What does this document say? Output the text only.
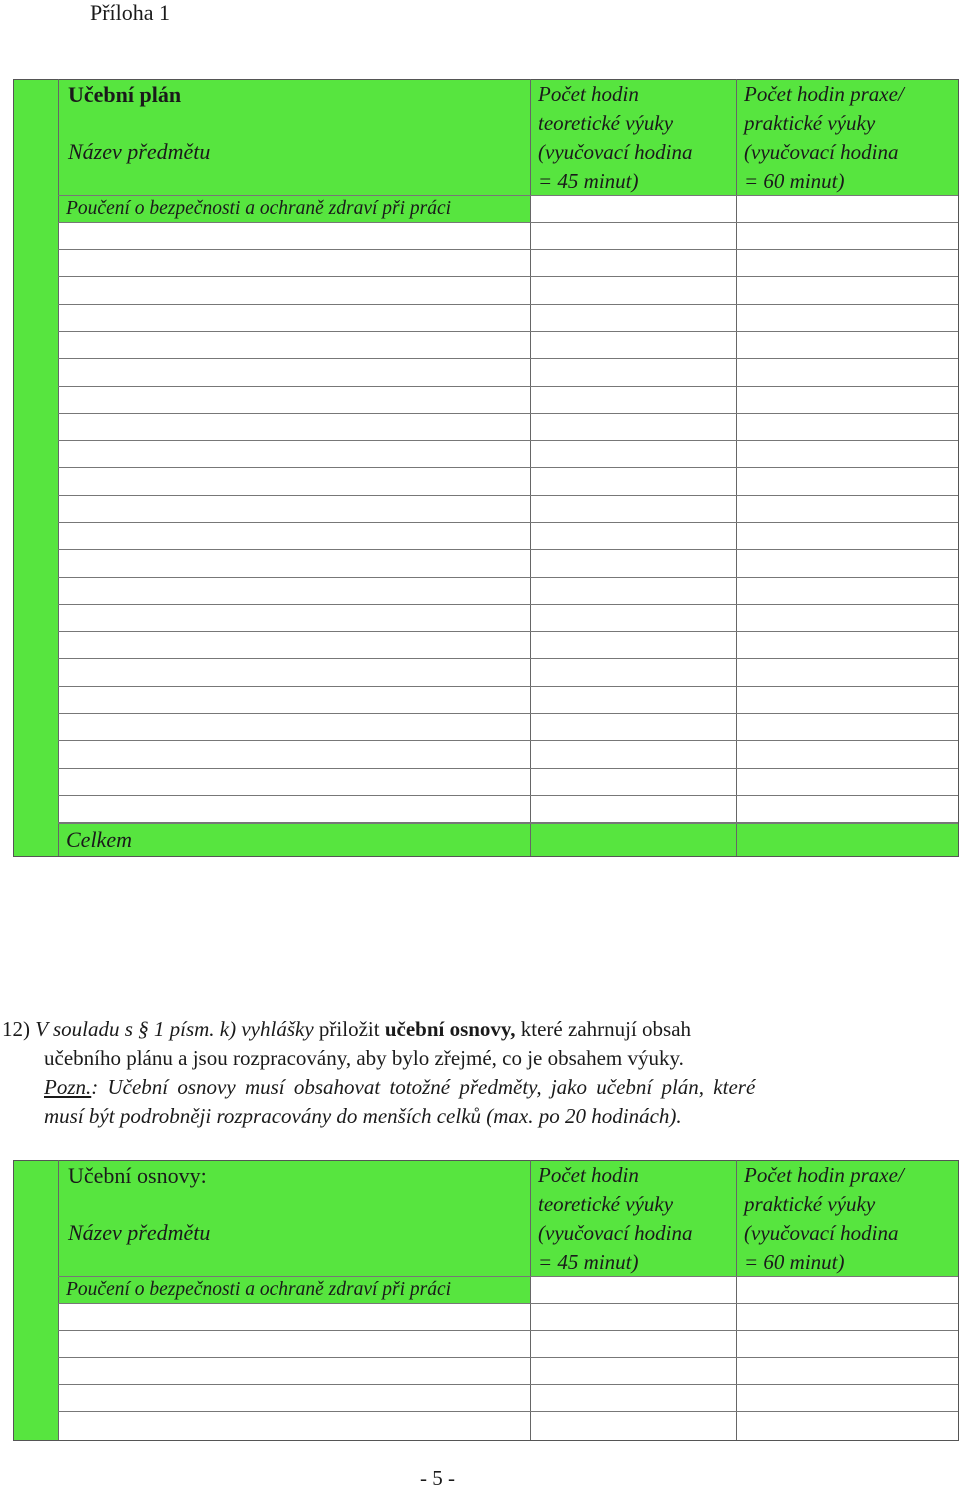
Příloha 1
Učební plán
Název předmětu
Počet hodin
teoretické výuky
(vyučovací hodina
= 45 minut)
Počet hodin praxe/
praktické výuky
(vyučovací hodina
= 60 minut)
Poučení o bezpečnosti a ochraně zdraví při práci
Celkem
12) V souladu s § 1 písm. k) vyhlášky přiložit učební osnovy, které zahrnují obsah
učebního plánu a jsou rozpracovány, aby bylo zřejmé, co je obsahem výuky.
Pozn.: Učební osnovy musí obsahovat totožné předměty, jako učební plán, které
musí být podrobněji rozpracovány do menších celků (max. po 20 hodinách).
Učební osnovy:
Název předmětu
Počet hodin
teoretické výuky
(vyučovací hodina
= 45 minut)
Počet hodin praxe/
praktické výuky
(vyučovací hodina
= 60 minut)
Poučení o bezpečnosti a ochraně zdraví při práci
- 5 -
